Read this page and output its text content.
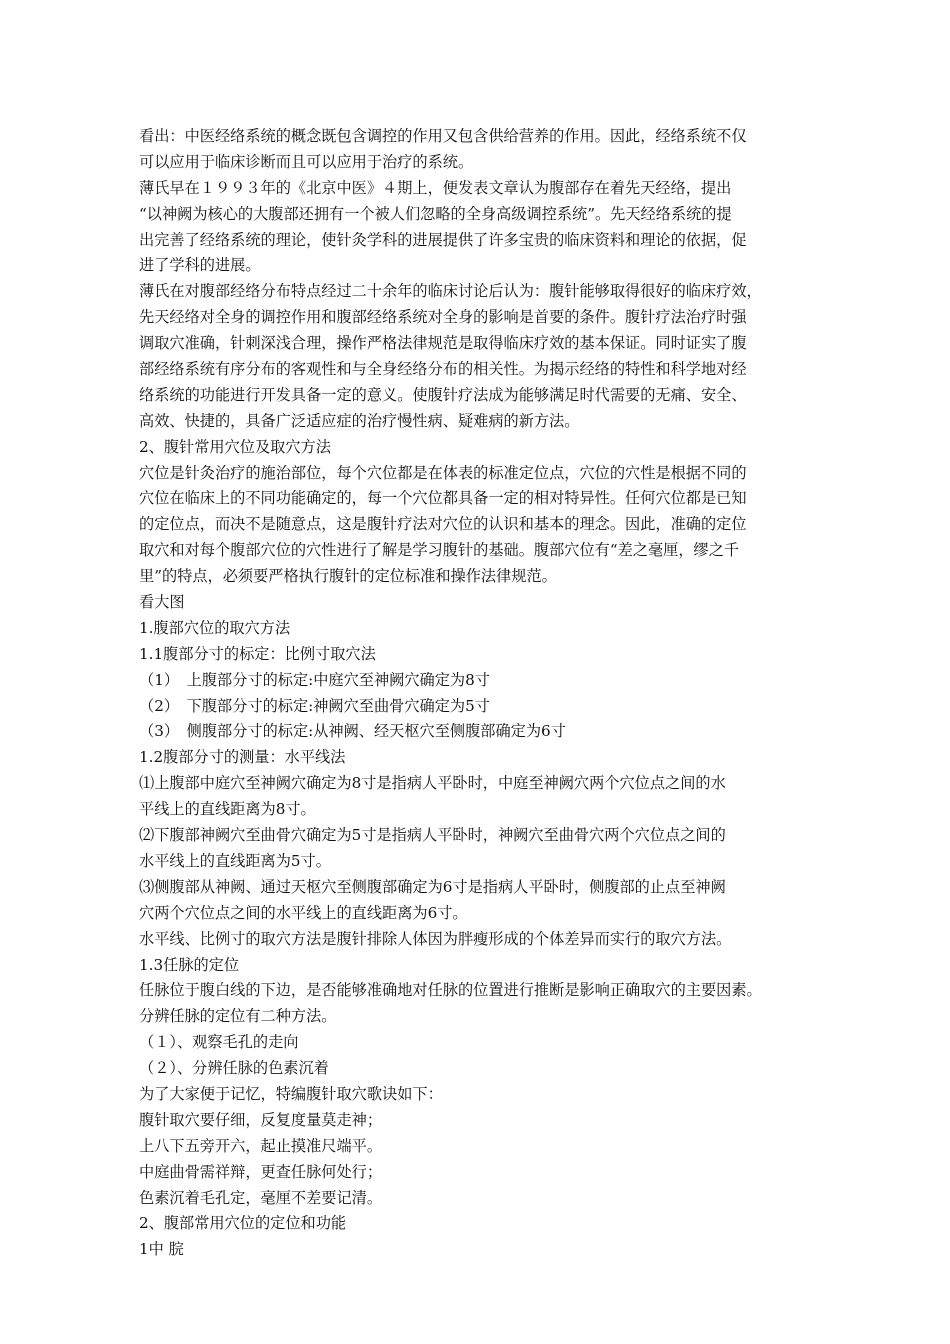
看出：中医经络系统的概念既包含调控的作用又包含供给营养的作用。因此，经络系统不仅
可以应用于临床诊断而且可以应用于治疗的系统。
薄氏早在１９９３年的《北京中医》４期上，便发表文章认为腹部存在着先天经络，提出
“以神阙为核心的大腹部还拥有一个被人们忽略的全身高级调控系统”。先天经络系统的提
出完善了经络系统的理论，使针灸学科的进展提供了许多宝贵的临床资料和理论的依据，促
进了学科的进展。
薄氏在对腹部经络分布特点经过二十余年的临床讨论后认为：腹针能够取得很好的临床疗效，
先天经络对全身的调控作用和腹部经络系统对全身的影响是首要的条件。腹针疗法治疗时强
调取穴准确，针刺深浅合理，操作严格法律规范是取得临床疗效的基本保证。同时证实了腹
部经络系统有序分布的客观性和与全身经络分布的相关性。为揭示经络的特性和科学地对经
络系统的功能进行开发具备一定的意义。使腹针疗法成为能够满足时代需要的无痛、安全、
高效、快捷的，具备广泛适应症的治疗慢性病、疑难病的新方法。
2、腹针常用穴位及取穴方法
穴位是针灸治疗的施治部位，每个穴位都是在体表的标准定位点，穴位的穴性是根据不同的
穴位在临床上的不同功能确定的，每一个穴位都具备一定的相对特异性。任何穴位都是已知
的定位点，而决不是随意点，这是腹针疗法对穴位的认识和基本的理念。因此，准确的定位
取穴和对每个腹部穴位的穴性进行了解是学习腹针的基础。腹部穴位有“差之毫厘，缪之千
里”的特点，必须要严格执行腹针的定位标准和操作法律规范。
看大图
1.腹部穴位的取穴方法
1.1腹部分寸的标定：比例寸取穴法
（1）　上腹部分寸的标定:中庭穴至神阙穴确定为8寸
（2）　下腹部分寸的标定:神阙穴至曲骨穴确定为5寸
（3）　侧腹部分寸的标定:从神阙、经天枢穴至侧腹部确定为6寸
1.2腹部分寸的测量：水平线法
⑴上腹部中庭穴至神阙穴确定为8寸是指病人平卧时，中庭至神阙穴两个穴位点之间的水
平线上的直线距离为8寸。
⑵下腹部神阙穴至曲骨穴确定为5寸是指病人平卧时，神阙穴至曲骨穴两个穴位点之间的
水平线上的直线距离为5寸。
⑶侧腹部从神阙、通过天枢穴至侧腹部确定为6寸是指病人平卧时，侧腹部的止点至神阙
穴两个穴位点之间的水平线上的直线距离为6寸。
水平线、比例寸的取穴方法是腹针排除人体因为胖瘦形成的个体差异而实行的取穴方法。
1.3任脉的定位
任脉位于腹白线的下边，是否能够准确地对任脉的位置进行推断是影响正确取穴的主要因素。
分辨任脉的定位有二种方法。
（１）、观察毛孔的走向
（２）、分辨任脉的色素沉着
为了大家便于记忆，特编腹针取穴歌诀如下：
腹针取穴要仔细，反复度量莫走神；
上八下五旁开六，起止摸准尺端平。
中庭曲骨需祥辩，更查任脉何处行；
色素沉着毛孔定，毫厘不差要记清。
2、腹部常用穴位的定位和功能
1中 脘
